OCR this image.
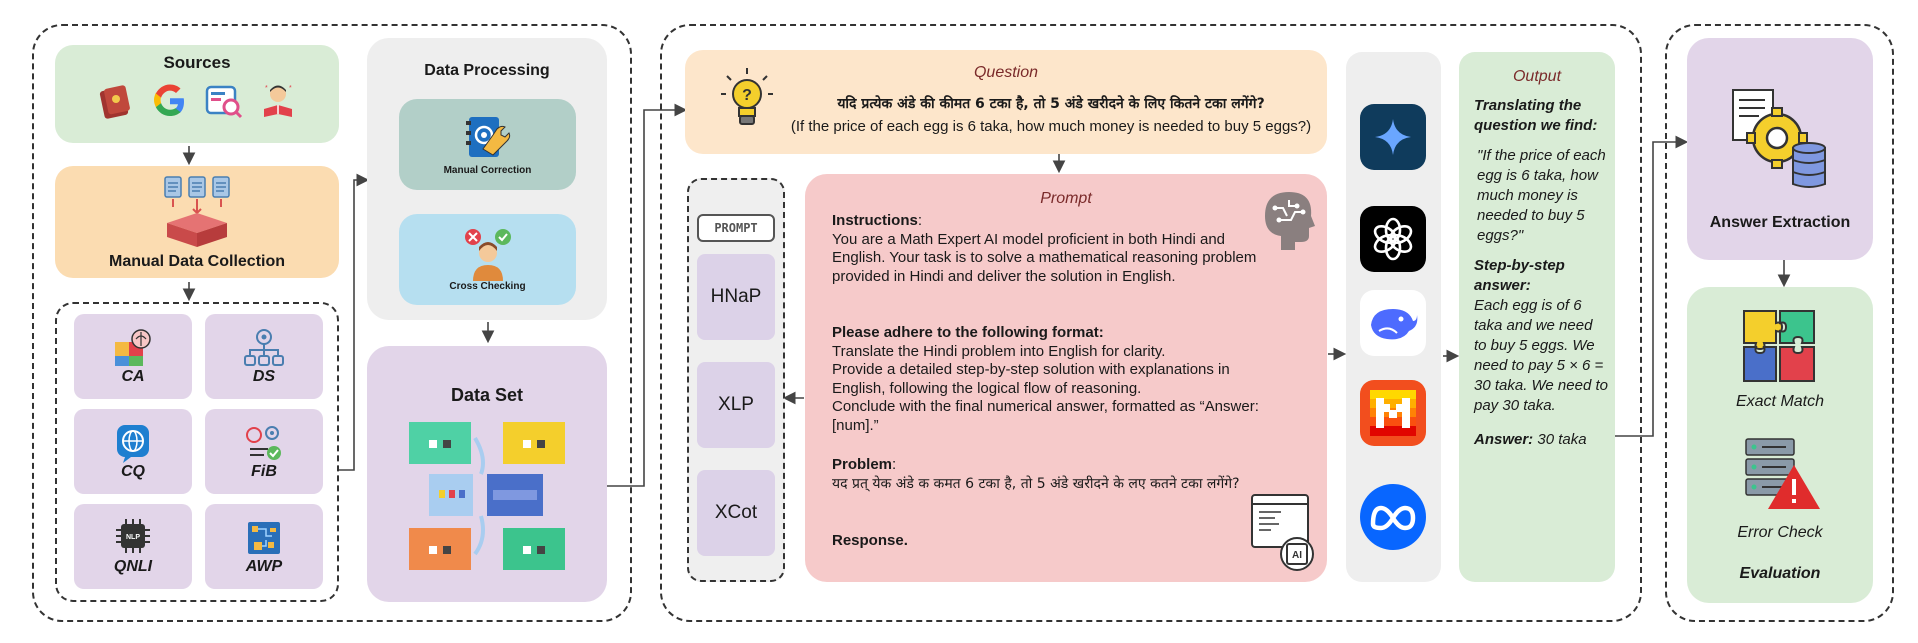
Sources
*	*
Manual Data Collection
CA	DS
CQ	FiB
NLP
QNLI	AWP
Data Processing
Manual Correction
Cross Checking
Data Set
?
Question
यदि प्रत्येक अंडे की कीमत 6 टका है, तो 5 अंडे खरीदने के लिए कितने टका लगेंगे?
(If the price of each egg is 6 taka, how much money is needed to buy 5 eggs?)
PROMPT
HNaP
XLP
XCot
Prompt
Instructions:
You are a Math Expert AI model proficient in both Hindi and English. Your task is to solve a mathematical reasoning problem provided in Hindi and deliver the solution in English.
Please adhere to the following format:
Translate the Hindi problem into English for clarity.
Provide a detailed step-by-step solution with explanations in English, following the logical flow of reasoning.
Conclude with the final numerical answer, formatted as “Answer: [num].”
Problem:
यद प्रत् येक अंडे क कमत 6 टका है, तो 5 अंडे खरीदने के लए कतने टका लगेंगे?
Response.
AI
Output
Translating the question we find:
"If the price of each egg is 6 taka, how much money is needed to buy 5 eggs?"
Step-by-step answer:
Each egg is of 6 taka and we need to buy 5 eggs. We need to pay 5 × 6 = 30 taka. We need to pay 30 taka.
Answer: 30 taka
Answer Extraction
Exact Match
Error Check
Evaluation
